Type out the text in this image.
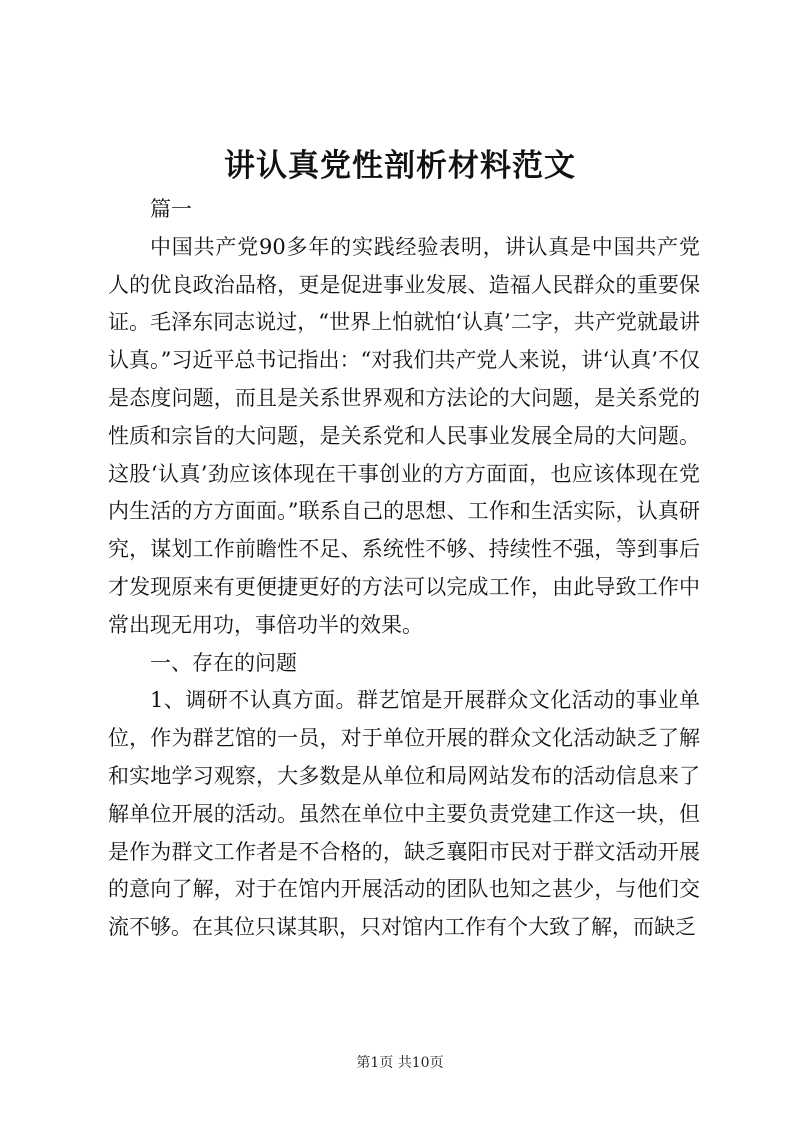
讲认真党性剖析材料范文

篇一

中国共产党90多年的实践经验表明，讲认真是中国共产党人的优良政治品格，更是促进事业发展、造福人民群众的重要保证。毛泽东同志说过，“世界上怕就怕‘认真’二字，共产党就最讲认真。”习近平总书记指出：“对我们共产党人来说，讲‘认真’不仅是态度问题，而且是关系世界观和方法论的大问题，是关系党的性质和宗旨的大问题，是关系党和人民事业发展全局的大问题。这股‘认真’劲应该体现在干事创业的方方面面，也应该体现在党内生活的方方面面。”联系自己的思想、工作和生活实际，认真研究，谋划工作前瞻性不足、系统性不够、持续性不强，等到事后才发现原来有更便捷更好的方法可以完成工作，由此导致工作中常出现无用功，事倍功半的效果。

一、存在的问题

1、调研不认真方面。群艺馆是开展群众文化活动的事业单位，作为群艺馆的一员，对于单位开展的群众文化活动缺乏了解和实地学习观察，大多数是从单位和局网站发布的活动信息来了解单位开展的活动。虽然在单位中主要负责党建工作这一块，但是作为群文工作者是不合格的，缺乏襄阳市民对于群文活动开展的意向了解，对于在馆内开展活动的团队也知之甚少，与他们交流不够。在其位只谋其职，只对馆内工作有个大致了解，而缺乏

第1页 共10页
